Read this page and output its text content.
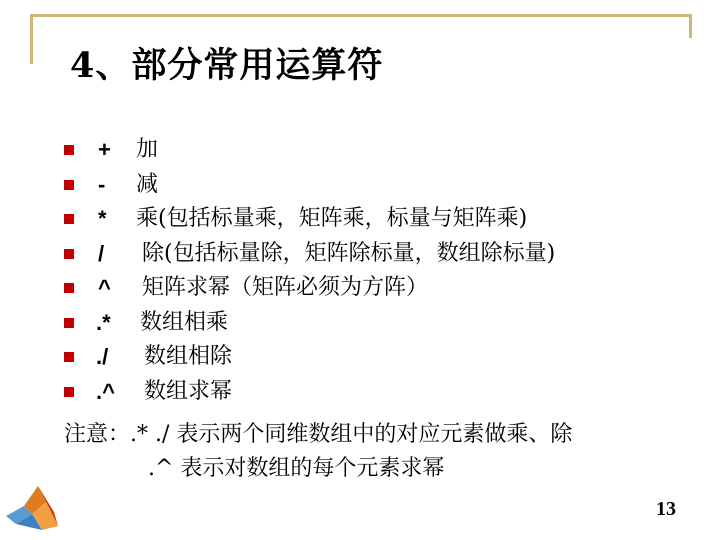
4、部分常用运算符
+ 加
- 减
* 乘(包括标量乘，矩阵乘，标量与矩阵乘)
/ 除(包括标量除，矩阵除标量，数组除标量)
^ 矩阵求幂（矩阵必须为方阵）
.* 数组相乘
./ 数组相除
.^ 数组求幂
注意：.* ./ 表示两个同维数组中的对应元素做乘、除
.^ 表示对数组的每个元素求幂
13
